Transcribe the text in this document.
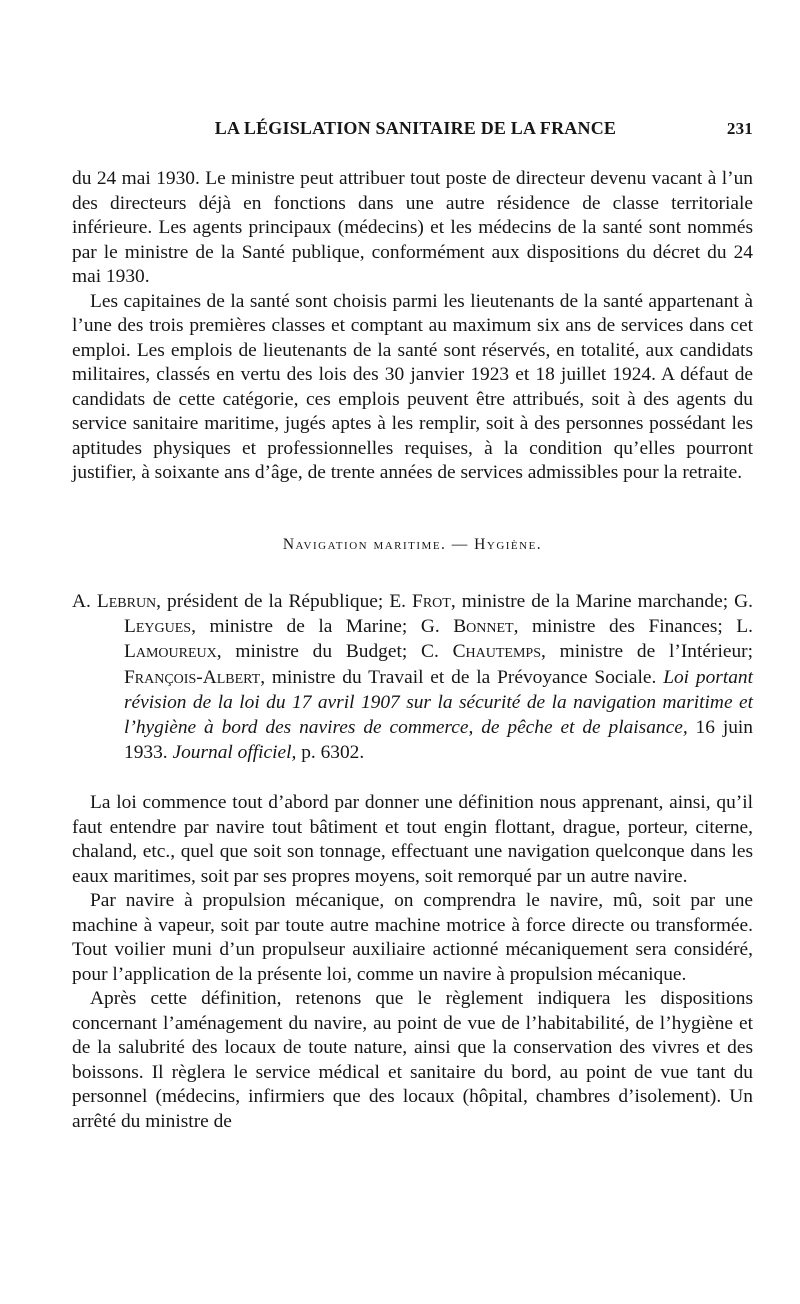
LA LÉGISLATION SANITAIRE DE LA FRANCE	231

du 24 mai 1930. Le ministre peut attribuer tout poste de directeur devenu vacant à l’un des directeurs déjà en fonctions dans une autre résidence de classe territoriale inférieure. Les agents principaux (médecins) et les médecins de la santé sont nommés par le ministre de la Santé publique, conformément aux dispositions du décret du 24 mai 1930.

Les capitaines de la santé sont choisis parmi les lieutenants de la santé appartenant à l’une des trois premières classes et comptant au maximum six ans de services dans cet emploi. Les emplois de lieutenants de la santé sont réservés, en totalité, aux candidats militaires, classés en vertu des lois des 30 janvier 1923 et 18 juillet 1924. A défaut de candidats de cette catégorie, ces emplois peuvent être attribués, soit à des agents du service sanitaire maritime, jugés aptes à les remplir, soit à des personnes possédant les aptitudes physiques et professionnelles requises, à la condition qu’elles pourront justifier, à soixante ans d’âge, de trente années de services admissibles pour la retraite.

Navigation maritime. — Hygiène.
A. Lebrun, président de la République; E. Frot, ministre de la Marine marchande; G. Leygues, ministre de la Marine; G. Bonnet, ministre des Finances; L. Lamoureux, ministre du Budget; C. Chautemps, ministre de l’Intérieur; François-Albert, ministre du Travail et de la Prévoyance Sociale. Loi portant révision de la loi du 17 avril 1907 sur la sécurité de la navigation maritime et l’hygiène à bord des navires de commerce, de pêche et de plaisance, 16 juin 1933. Journal officiel, p. 6302.

La loi commence tout d’abord par donner une définition nous apprenant, ainsi, qu’il faut entendre par navire tout bâtiment et tout engin flottant, drague, porteur, citerne, chaland, etc., quel que soit son tonnage, effectuant une navigation quelconque dans les eaux maritimes, soit par ses propres moyens, soit remorqué par un autre navire.

Par navire à propulsion mécanique, on comprendra le navire, mû, soit par une machine à vapeur, soit par toute autre machine motrice à force directe ou transformée. Tout voilier muni d’un propulseur auxiliaire actionné mécaniquement sera considéré, pour l’application de la présente loi, comme un navire à propulsion mécanique.

Après cette définition, retenons que le règlement indiquera les dispositions concernant l’aménagement du navire, au point de vue de l’habitabilité, de l’hygiène et de la salubrité des locaux de toute nature, ainsi que la conservation des vivres et des boissons. Il règlera le service médical et sanitaire du bord, au point de vue tant du personnel (médecins, infirmiers que des locaux (hôpital, chambres d’isolement). Un arrêté du ministre de
